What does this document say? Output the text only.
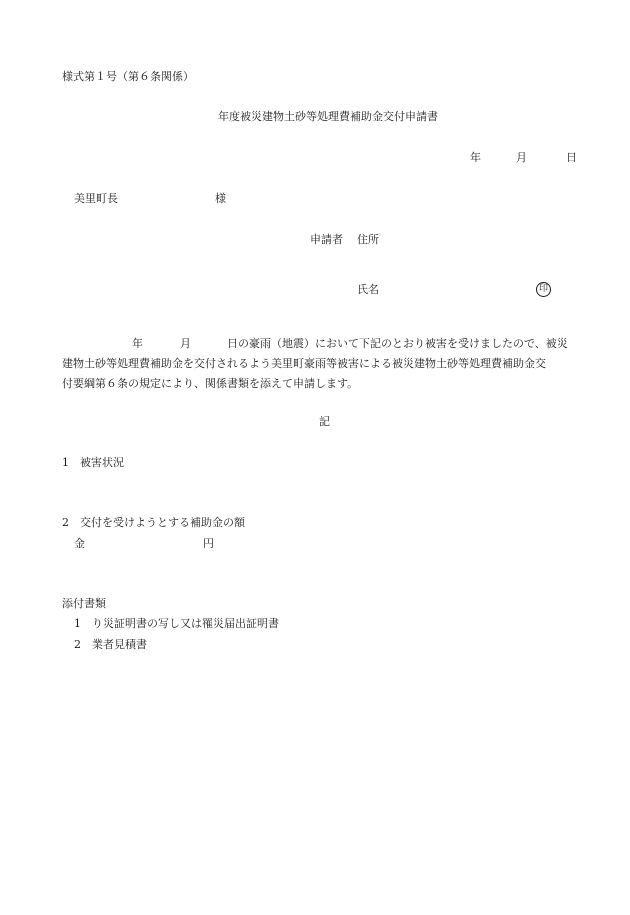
様式第１号（第６条関係）
年度被災建物土砂等処理費補助金交付申請書
年	月	日
美里町長	様
申請者 住所
氏名	印
年	月	日の豪雨（地震）において下記のとおり被害を受けましたので、被災
建物土砂等処理費補助金を交付されるよう美里町豪雨等被害による被災建物土砂等処理費補助金交
付要綱第６条の規定により、関係書類を添えて申請します。
記
1 被害状況
2 交付を受けようとする補助金の額
金	円
添付書類
1 り災証明書の写し又は罹災届出証明書
2 業者見積書
